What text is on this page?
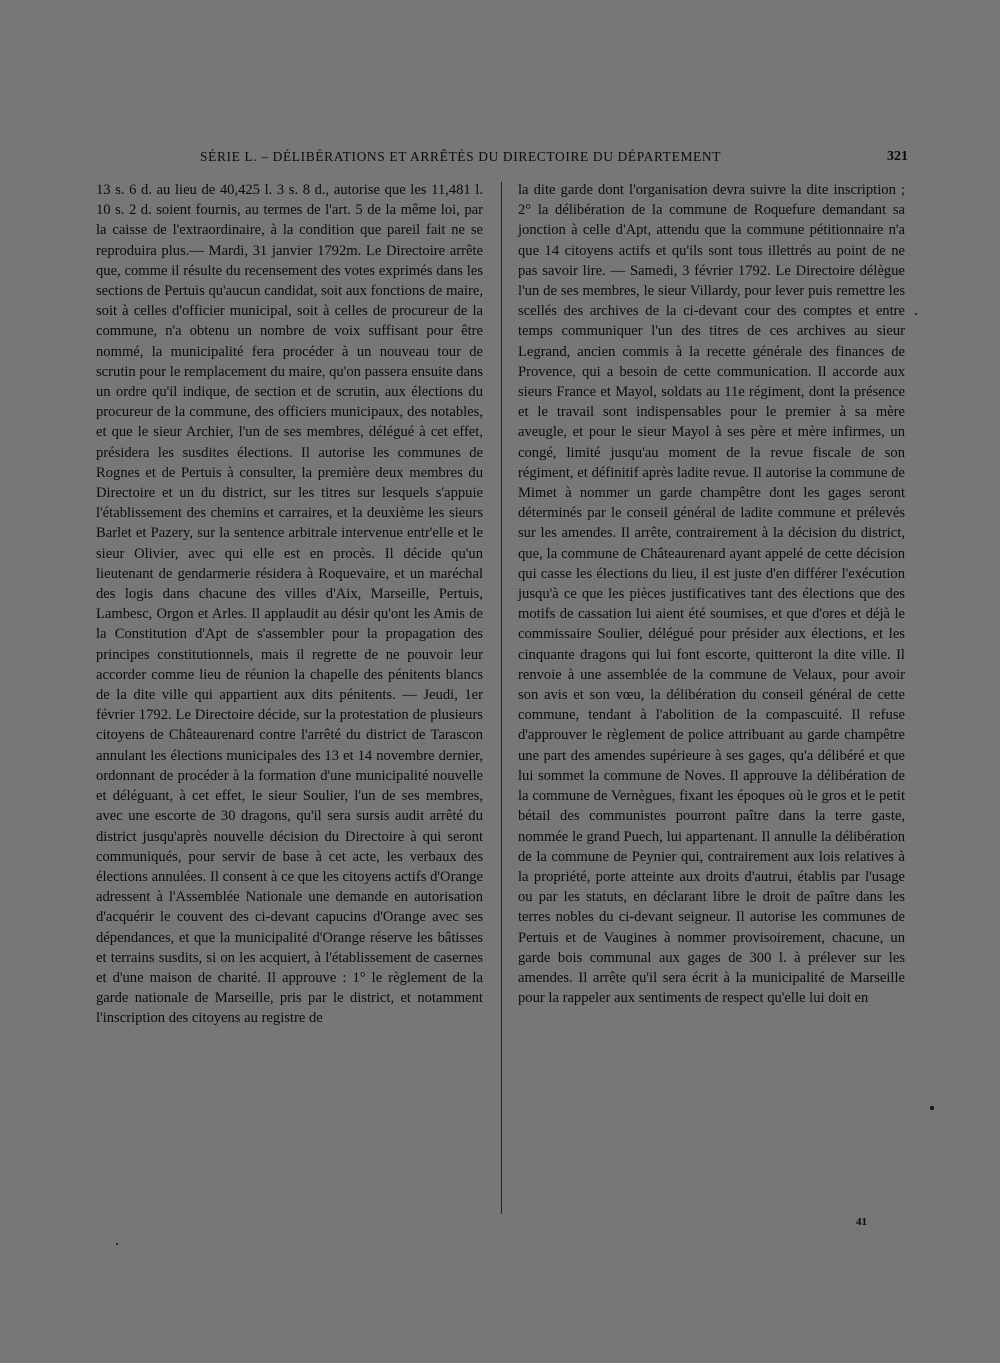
SÉRIE L. – DÉLIBÉRATIONS ET ARRÊTÉS DU DIRECTOIRE DU DÉPARTEMENT	321

13 s. 6 d. au lieu de 40,425 l. 3 s. 8 d., autorise que les 11,481 l. 10 s. 2 d. soient fournis, au termes de l'art. 5 de la même loi, par la caisse de l'extraordinaire, à la condition que pareil fait ne se reproduira plus.— Mardi, 31 janvier 1792m. Le Directoire arrête que, comme il résulte du recensement des votes exprimés dans les sections de Pertuis qu'aucun candidat, soit aux fonctions de maire, soit à celles d'officier municipal, soit à celles de procureur de la commune, n'a obtenu un nombre de voix suffisant pour être nommé, la municipalité fera procéder à un nouveau tour de scrutin pour le remplacement du maire, qu'on passera ensuite dans un ordre qu'il indique, de section et de scrutin, aux élections du procureur de la commune, des officiers municipaux, des notables, et que le sieur Archier, l'un de ses membres, délégué à cet effet, présidera les susdites élections. Il autorise les communes de Rognes et de Pertuis à consulter, la première deux membres du Directoire et un du district, sur les titres sur lesquels s'appuie l'établissement des chemins et carraires, et la deuxième les sieurs Barlet et Pazery, sur la sentence arbitrale intervenue entr'elle et le sieur Olivier, avec qui elle est en procès. Il décide qu'un lieutenant de gendarmerie résidera à Roquevaire, et un maréchal des logis dans chacune des villes d'Aix, Marseille, Pertuis, Lambesc, Orgon et Arles. Il applaudit au désir qu'ont les Amis de la Constitution d'Apt de s'assembler pour la propagation des principes constitutionnels, mais il regrette de ne pouvoir leur accorder comme lieu de réunion la chapelle des pénitents blancs de la dite ville qui appartient aux dits pénitents. — Jeudi, 1er février 1792. Le Directoire décide, sur la protestation de plusieurs citoyens de Châteaurenard contre l'arrêté du district de Tarascon annulant les élections municipales des 13 et 14 novembre dernier, ordonnant de procéder à la formation d'une municipalité nouvelle et déléguant, à cet effet, le sieur Soulier, l'un de ses membres, avec une escorte de 30 dragons, qu'il sera sursis audit arrêté du district jusqu'après nouvelle décision du Directoire à qui seront communiqués, pour servir de base à cet acte, les verbaux des élections annulées. Il consent à ce que les citoyens actifs d'Orange adressent à l'Assemblée Nationale une demande en autorisation d'acquérir le couvent des ci-devant capucins d'Orange avec ses dépendances, et que la municipalité d'Orange réserve les bâtisses et terrains susdits, si on les acquiert, à l'établissement de casernes et d'une maison de charité. Il approuve : 1° le règlement de la garde nationale de Marseille, pris par le district, et notamment l'inscription des citoyens au registre de

la dite garde dont l'organisation devra suivre la dite inscription ; 2° la délibération de la commune de Roquefure demandant sa jonction à celle d'Apt, attendu que la commune pétitionnaire n'a que 14 citoyens actifs et qu'ils sont tous illettrés au point de ne pas savoir lire. — Samedi, 3 février 1792. Le Directoire délègue l'un de ses membres, le sieur Villardy, pour lever puis remettre les scellés des archives de la ci-devant cour des comptes et entre temps communiquer l'un des titres de ces archives au sieur Legrand, ancien commis à la recette générale des finances de Provence, qui a besoin de cette communication. Il accorde aux sieurs France et Mayol, soldats au 11e régiment, dont la présence et le travail sont indispensables pour le premier à sa mère aveugle, et pour le sieur Mayol à ses père et mère infirmes, un congé, limité jusqu'au moment de la revue fiscale de son régiment, et définitif après ladite revue. Il autorise la commune de Mimet à nommer un garde champêtre dont les gages seront déterminés par le conseil général de ladite commune et prélevés sur les amendes. Il arrête, contrairement à la décision du district, que, la commune de Châteaurenard ayant appelé de cette décision qui casse les élections du lieu, il est juste d'en différer l'exécution jusqu'à ce que les pièces justificatives tant des élections que des motifs de cassation lui aient été soumises, et que d'ores et déjà le commissaire Soulier, délégué pour présider aux élections, et les cinquante dragons qui lui font escorte, quitteront la dite ville. Il renvoie à une assemblée de la commune de Velaux, pour avoir son avis et son vœu, la délibération du conseil général de cette commune, tendant à l'abolition de la compascuité. Il refuse d'approuver le règlement de police attribuant au garde champêtre une part des amendes supérieure à ses gages, qu'a délibéré et que lui sommet la commune de Noves. Il approuve la délibération de la commune de Vernègues, fixant les époques où le gros et le petit bétail des communistes pourront paître dans la terre gaste, nommée le grand Puech, lui appartenant. Il annulle la délibération de la commune de Peynier qui, contrairement aux lois relatives à la propriété, porte atteinte aux droits d'autrui, établis par l'usage ou par les statuts, en déclarant libre le droit de paître dans les terres nobles du ci-devant seigneur. Il autorise les communes de Pertuis et de Vaugines à nommer provisoirement, chacune, un garde bois communal aux gages de 300 l. à prélever sur les amendes. Il arrête qu'il sera écrit à la municipalité de Marseille pour la rappeler aux sentiments de respect qu'elle lui doit en

41
